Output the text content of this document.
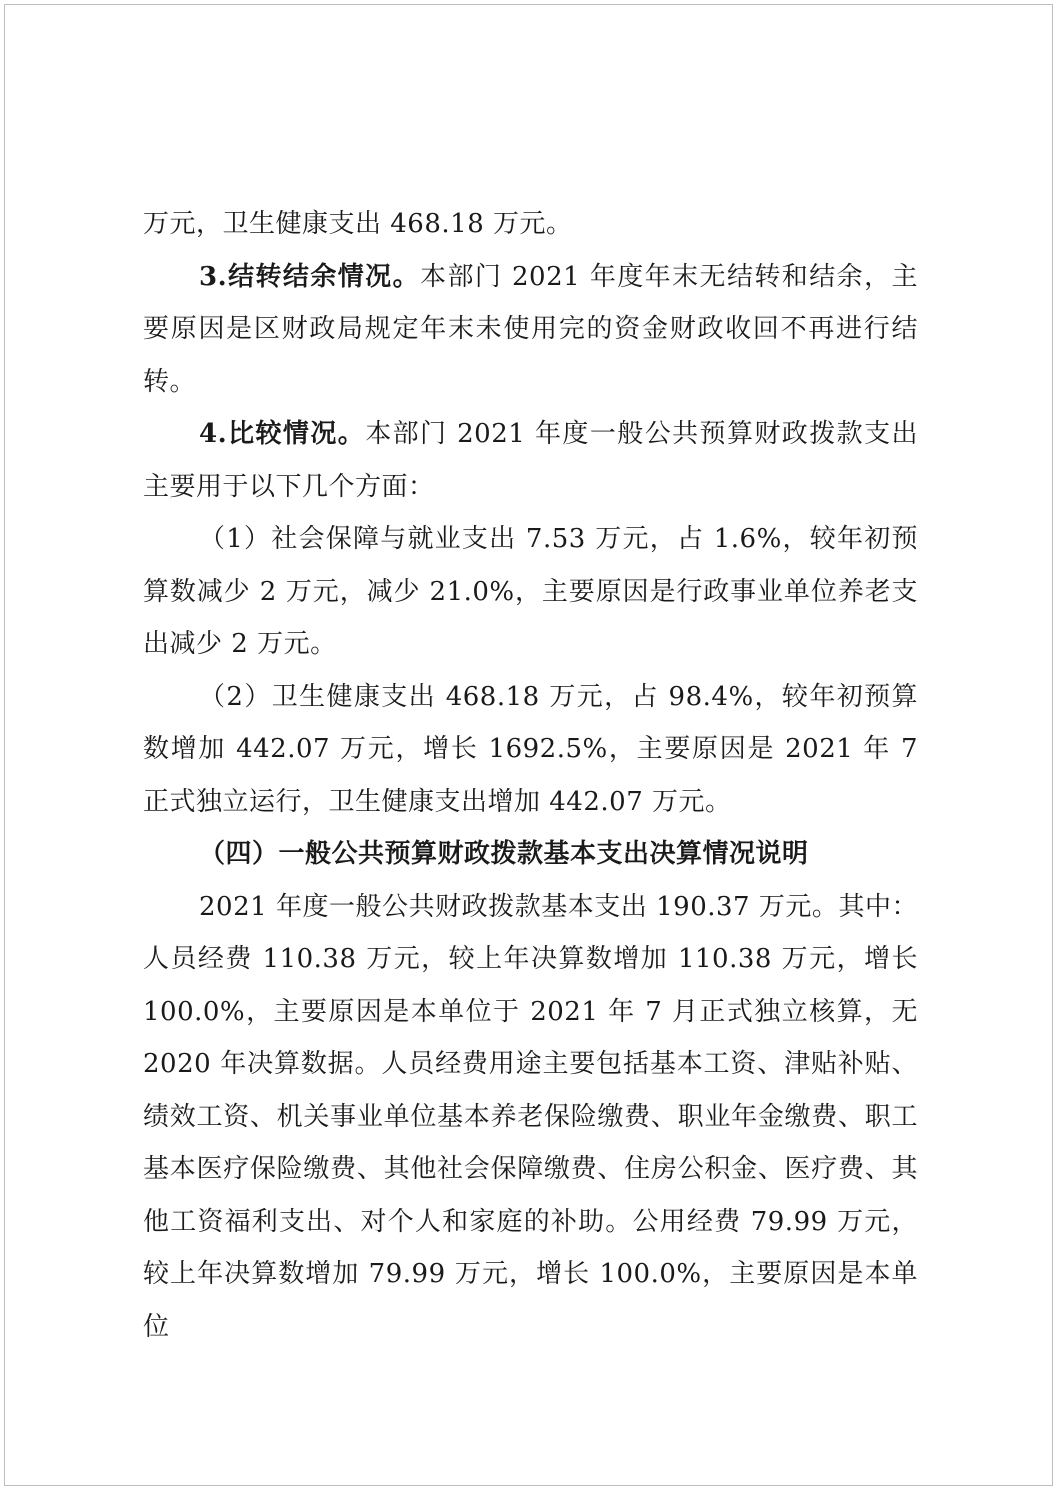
万元，卫生健康支出 468.18 万元。

3.结转结余情况。本部门 2021 年度年末无结转和结余，主要原因是区财政局规定年末未使用完的资金财政收回不再进行结转。

4.比较情况。本部门 2021 年度一般公共预算财政拨款支出主要用于以下几个方面：

（1）社会保障与就业支出 7.53 万元，占 1.6%，较年初预算数减少 2 万元，减少 21.0%，主要原因是行政事业单位养老支出减少 2 万元。

（2）卫生健康支出 468.18 万元，占 98.4%，较年初预算数增加 442.07 万元，增长 1692.5%，主要原因是 2021 年 7 正式独立运行，卫生健康支出增加 442.07 万元。

（四）一般公共预算财政拨款基本支出决算情况说明

2021 年度一般公共财政拨款基本支出 190.37 万元。其中：人员经费 110.38 万元，较上年决算数增加 110.38 万元，增长 100.0%，主要原因是本单位于 2021 年 7 月正式独立核算，无 2020 年决算数据。人员经费用途主要包括基本工资、津贴补贴、绩效工资、机关事业单位基本养老保险缴费、职业年金缴费、职工基本医疗保险缴费、其他社会保障缴费、住房公积金、医疗费、其他工资福利支出、对个人和家庭的补助。公用经费 79.99 万元，较上年决算数增加 79.99 万元，增长 100.0%，主要原因是本单位
